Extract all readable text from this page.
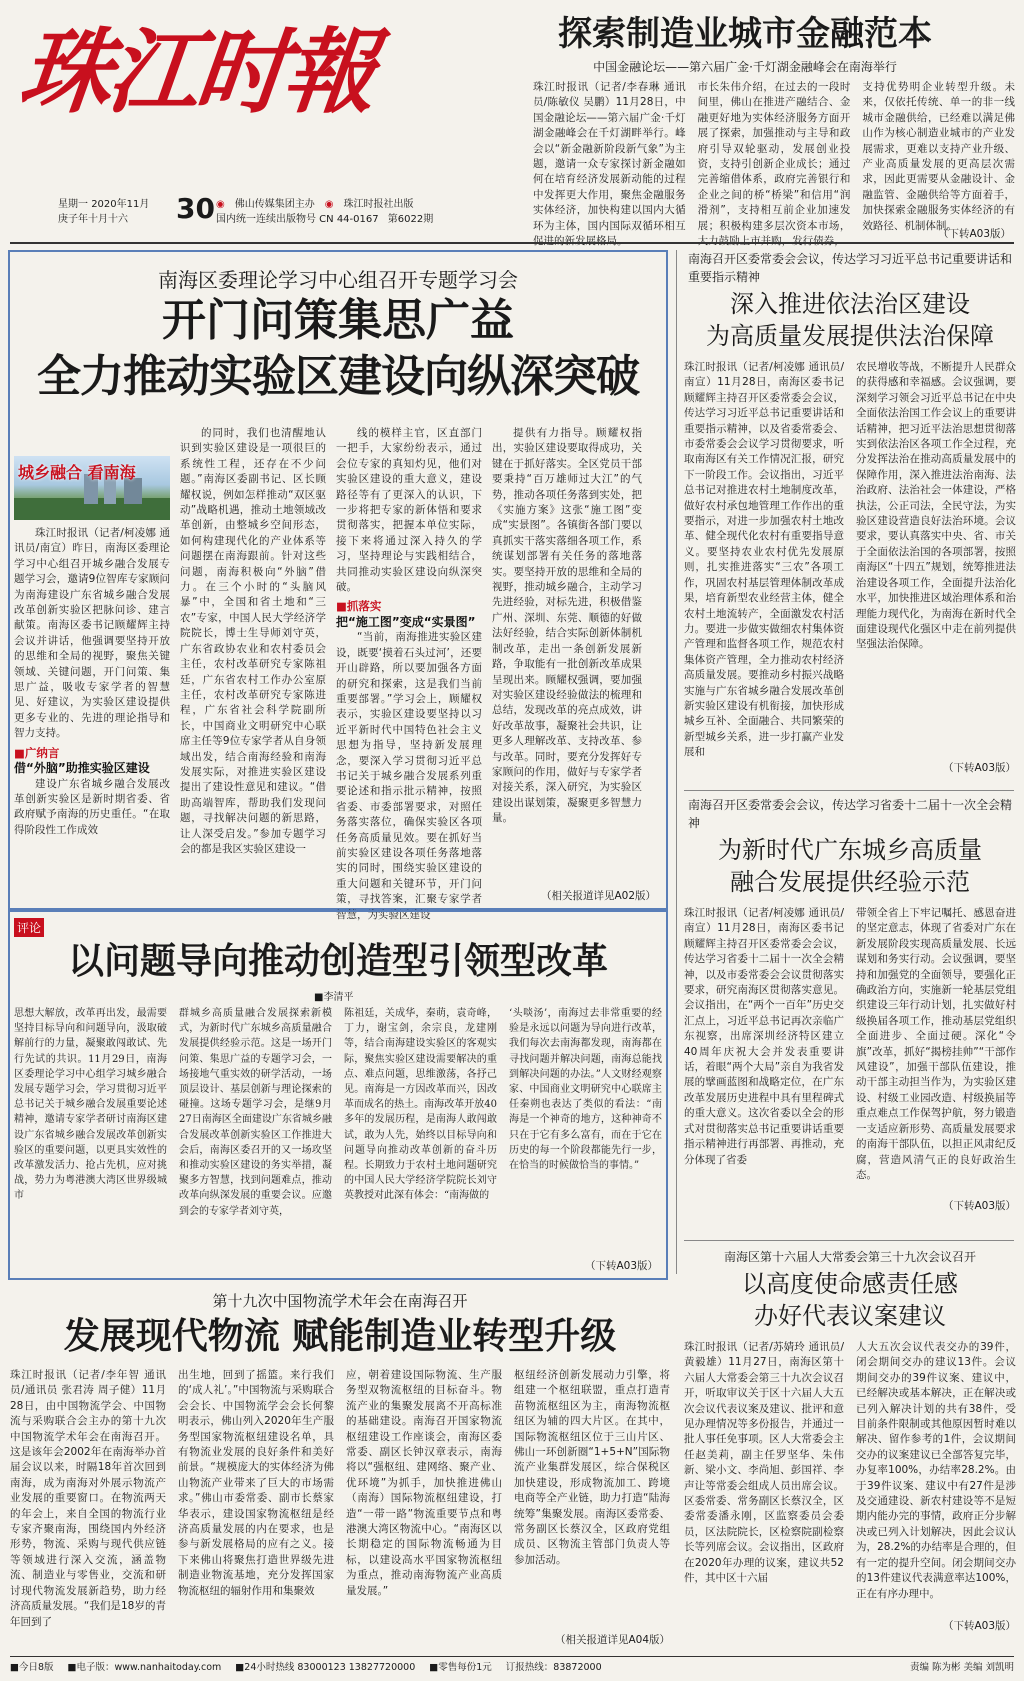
珠江时報
星期一 2020年11月
庚子年十月十六 30 ◉ 佛山传媒集团主办 ◉ 珠江时报社出版
国内统一连续出版物号 CN 44-0167 第6022期
探索制造业城市金融范本
中国金融论坛——第六届广金·千灯湖金融峰会在南海举行
珠江时报讯（记者/李春琳 通讯员/陈敏仪 吴鹏）11月28日，中国金融论坛——第六届广金·千灯湖金融峰会在千灯湖畔举行。峰会以“新金融新阶段新气象”为主题，邀请一众专家探讨新金融如何在培育经济发展新动能的过程中发挥更大作用，聚焦金融服务实体经济，加快构建以国内大循环为主体，国内国际双循环相互
市长朱伟介绍，在过去的一段时间里，佛山在推进产融结合、金融更好地为实体经济服务方面开展了探索，加强推动与主导和政府引导双轮驱动，发展创业投资，支持引创新企业成长；通过完善缩借体系，政府完善银行和企业之间的桥“桥梁”和信用“润滑剂”，支持相互前企业加速发展；积极构建多层次资本市场，
支持优势明企业转型升级。未来，仅依托传统、单一的非一线城市金融供给，已经难以满足佛山作为核心制造业城市的产业发展需求，更难以支持产业升级、产业高质量发展的更高层次需求，因此更需要从金融设计、金融监管、金融供给等方面着手，加快探索金融服务实体经济的有效路径、机制体制。
（下转A03版）
南海区委理论学习中心组召开专题学习会
开门问策集思广益
全力推动实验区建设向纵深突破
城乡融合 看南海

珠江时报讯（记者/柯凌娜 通讯员/南宣）昨日，南海区委理论学习中心组召开城乡融合发展专题学习会，邀请9位智库专家顾问为南海建设广东省城乡融合发展改革创新实验区把脉问诊、建言献策。南海区委书记顾耀辉主持会议并讲话，他强调要坚持开放的思维和全局的视野，聚焦关键领域、关键问题，开门问策、集思广益，吸收专家学者的智慧见、好建议，为实验区建设提供更多专业的、先进的理论指导和智力支持。

■广纳言
借“外脑”助推实验区建设

建设广东省城乡融合发展改革创新实验区是新时期省委、省政府赋予南海的历史重任。“在取得阶段性工作成效

的同时，我们也清醒地认识到实验区建设是一项很巨的系统性工程，还存在不少问题。”南海区委副书记、区长顾耀权说，例如怎样推动“双区驱动”战略机遇，推动土地领域改革创新，由整城乡空间形态，如何构建现代化的产业体系等问题摆在南海跟前。针对这些问题，南海积极向“外脑”借力。在三个小时的“头脑风暴”中，全国和省土地和“三农”专家，中国人民大学经济学院院长，博士生导师刘守英，广东省政协农业和农村委员会主任，农村改革研究专家陈祖廷，广东省农村工作办公室原主任，农村改革研究专家陈进程，广东省社会科学院副所长，中国商业文明研究中心联席主任等9位专家学者从自身领域出发，结合南海经验和南海发展实际，对推进实验区建设提出了建设性意见和建议。“借助高端智库，帮助我们发现问题，寻找解决问题的新思路，让人深受启发。”参加专题学习会的都是我区实验区建设一

线的模样主官，区直部门一把手，大家纷纷表示，通过会位专家的真知灼见，他们对实验区建设的重大意义，建设路径等有了更深入的认识，下一步将把专家的新体悟和要求贯彻落实，把握本单位实际，接下来将通过深入持久的学习，坚持理论与实践相结合，共同推动实验区建设向纵深突破。

■抓落实
把“施工图”变成“实景图”

“当前，南海推进实验区建设，既要‘摸着石头过河’，还要开山辟路，所以要加强各方面的研究和探索，这是我们当前重要部署。”学习会上，顾耀权表示，实验区建设要坚持以习近平新时代中国特色社会主义思想为指导，坚持新发展理念，要深入学习贯彻习近平总书记关于城乡融合发展系列重要论述和指示批示精神，按照省委、市委部署要求，对照任务落实落位，确保实验区各项任务高质量见效。要在抓好当前实验区建设各项任务落地落实的同时，围绕实验区建设的重大问题和关键环节，开门问策，寻找答案，汇聚专家学者智慧，为实验区建设

提供有力指导。顾耀权指出，实验区建设要取得成功，关键在于抓好落实。全区党员干部要秉持“百万雄师过大江”的气势，推动各项任务落到实处，把《实施方案》这张“施工图”变成“实景图”。各镇街各部门要以真抓实干落实落细各项工作，系统谋划部署有关任务的落地落实。要坚持开放的思维和全局的视野，推动城乡融合，主动学习先进经验，对标先进，积极借鉴广州、深圳、东莞、顺德的好做法好经验，结合实际创新体制机制改革，走出一条创新发展新路，争取能有一批创新改革成果呈现出来。顾耀权强调，要加强对实验区建设经验做法的梳理和总结，发现改革的亮点成效，讲好改革故事，凝聚社会共识，让更多人理解改革、支持改革、参与改革。同时，要充分发挥好专家顾问的作用，做好与专家学者对接关系，深入研究，为实验区建设出谋划策，凝聚更多智慧力量。

（相关报道详见A02版）
评论
以问题导向推动创造型引领型改革
■李清平
思想大解放，改革再出发，最需要坚持目标导向和问题导向，汲取破解前行的力量，凝聚敢闯敢试、先行先试的共识。11月29日，南海区委理论学习中心组学习城乡融合发展专题学习会，学习贯彻习近平总书记关于城乡融合发展重要论述精神，邀请专家学者研讨南海区建设广东省城乡融合发展改革创新实验区的重要问题，以更具实效性的改革激发活力、抢占先机，应对挑战，势力为粤港澳大湾区世界级城市
群城乡高质量融合发展探索新模式，为新时代广东城乡高质量融合发展提供经验示范。这是一场开门问策、集思广益的专题学习会，一场接地气重实效的研学活动，一场顶层设计、基层创新与理论探索的碰撞。这场专题学习会，是继9月27日南海区全面建设广东省城乡融合发展改革创新实验区工作推进大会后，南海区委召开的又一场攻坚和推动实验区建设的务实举措，凝聚多方智慧，找到问题难点，推动改革向纵深发展的重要会议。应邀到会的专家学者刘守英，
陈祖廷，关成华，秦萌，袁奇峰，丁力，谢宝剑，余宗良，龙建刚等，结合南海建设实验区的客观实际，聚焦实验区建设需要解决的重点、难点问题，思维激荡，各抒己见。南海是一方因改革而兴，因改革而成名的热土。南海改革开放40多年的发展历程，是南海人敢闯敢试，敢为人先，始终以目标导向和问题导向推动改革创新的奋斗历程。长期致力于农村土地问题研究的中国人民大学经济学院院长刘守英教授对此深有体会：“南海做的
‘头啖汤’，南海过去非常重要的经验是永远以问题为导向进行改革，我们每次去南海都发现，南海都在寻找问题并解决问题，南海总能找到解决问题的办法。”人文财经观察家、中国商业文明研究中心联席主任秦朔也表达了类似的看法：“南海是一个神奇的地方，这种神奇不只在于它有多么富有，而在于它在历史的每一个阶段都能先行一步，在恰当的时候做恰当的事情。”
（下转A03版）
南海召开区委常委会会议，传达学习习近平总书记重要讲话和重要指示精神
深入推进依法治区建设
为高质量发展提供法治保障
珠江时报讯（记者/柯凌娜 通讯员/南宣）11月28日，南海区委书记顾耀辉主持召开区委常委会会议，传达学习习近平总书记重要讲话和重要指示精神，以及省委常委会、市委常委会会议学习贯彻要求，听取南海区有关工作情况汇报，研究下一阶段工作。会议指出，习近平总书记对推进农村土地制度改革，做好农村承包地管理工作作出的重要指示，对进一步加强农村土地改革、健全现代化农村有重要指导意义。要坚持农业农村优先发展原则，扎实推进落实“三农”各项工作，巩固农村基层管理体制改革成果，培育新型农业经营主体，健全农村土地流转产，全面激发农村活力。要进一步做实做细农村集体资产管理和监督各项工作，规范农村集体资产管理，全力推动农村经济高质量发展。要推动乡村振兴战略实施与广东省城乡融合发展改革创新实验区建设有机衔接，加快形成城乡互补、全面融合、共同繁荣的新型城乡关系，进一步打赢产业发展和
农民增收等战，不断提升人民群众的获得感和幸福感。会议强调，要深刻学习领会习近平总书记在中央全面依法治国工作会议上的重要讲话精神，把习近平法治思想贯彻落实到依法治区各项工作全过程，充分发挥法治在推动高质量发展中的保障作用，深入推进法治南海、法治政府、法治社会一体建设，严格执法，公正司法，全民守法，为实验区建设营造良好法治环境。会议要求，要认真落实中央、省、市关于全面依法治国的各项部署，按照南海区“十四五”规划，统筹推进法治建设各项工作，全面提升法治化水平，加快推进区域治理体系和治理能力现代化，为南海在新时代全面建设现代化强区中走在前列提供坚强法治保障。
（下转A03版）
南海召开区委常委会会议，传达学习省委十二届十一次全会精神
为新时代广东城乡高质量
融合发展提供经验示范
珠江时报讯（记者/柯凌娜 通讯员/南宣）11月28日，南海区委书记顾耀辉主持召开区委常委会会议，传达学习省委十二届十一次全会精神，以及市委常委会会议贯彻落实要求，研究南海区贯彻落实意见。会议指出，在“两个一百年”历史交汇点上，习近平总书记再次亲临广东视察，出席深圳经济特区建立40周年庆祝大会并发表重要讲话，着眼“两个大局”亲自为我省发展的擘画蓝图和战略定位，在广东改革发展历史进程中具有里程碑式的重大意义。这次省委以全会的形式对贯彻落实总书记重要讲话重要指示精神进行再部署、再推动，充分体现了省委
带领全省上下牢记嘱托、感恩奋进的坚定意志，体现了省委对广东在新发展阶段实现高质量发展、长远谋划和务实行动。会议强调，要坚持和加强党的全面领导，要强化正确政治方向，实施新一轮基层党组织建设三年行动计划，扎实做好村级换届各项工作，推动基层党组织全面进步、全面过硬。深化“令旗”改革，抓好“揭榜挂帅”“干部作风建设”，加强干部队伍建设，推动干部主动担当作为，为实验区建设、村级工业园改造、村级换届等重点难点工作保驾护航，努力锻造一支适应新形势、高质量发展要求的南海干部队伍，以担正风肃纪反腐，营造风清气正的良好政治生态。
（下转A03版）
南海区第十六届人大常委会第三十九次会议召开
以高度使命感责任感
办好代表议案建议
珠江时报讯（记者/苏婧玲 通讯员/黄毅雄）11月27日，南海区第十六届人大常委会第三十九次会议召开，听取审议关于区十六届人大五次会议代表议案及建议、批评和意见办理情况等多份报告，并通过一批人事任免事项。区人大常委会主任赵美莉，副主任罗坚华、朱伟新、梁小文、李尚旭、彭国祥、李声让等常委会组成人员出席会议。区委常委、常务副区长蔡汉全，区委常委潘永刚，区监察委员会委员，区法院院长，区检察院副检察长等列席会议。会议指出，区政府在2020年办理的议案，建议共52件，其中区十六届
人大五次会议代表交办的39件，闭会期间交办的建议13件。会议期间交办的39件议案、建议中，已经解决或基本解决，正在解决或已列入解决计划的共有38件，受目前条件限制或其他原因暂时难以解决、留作参考的1件，会议期间交办的议案建议已全部答复完毕，办复率100%，办结率28.2%。由于39件议案、建议中有27件是涉及交通建设、新农村建设等不是短期内能办完的事情，政府正分步解决或已列入计划解决，因此会议认为，28.2%的办结率是合理的，但有一定的提升空间。闭会期间交办的13件建议代表满意率达100%，正在有序办理中。
（下转A03版）
第十九次中国物流学术年会在南海召开
发展现代物流 赋能制造业转型升级
珠江时报讯（记者/李年智 通讯员/通讯员 张君涛 周子健）11月28日，由中国物流学会、中国物流与采购联合会主办的第十九次中国物流学术年会在南海召开。这是该年会2002年在南海举办首届会议以来，时隔18年首次回到南海，成为南海对外展示物流产业发展的重要窗口。在物流两天的年会上，来自全国的物流行业专家齐聚南海，围绕国内外经济形势，物流、采购与现代供应链等领域进行深入交流，涵盖物流、制造业与零售业，交流和研讨现代物流发展新趋势，助力经济高质量发展。“我们是18岁的青年回到了
出生地，回到了摇篮。来行我们的‘成人礼’。”中国物流与采购联合会会长、中国物流学会会长何黎明表示，佛山列入2020年生产服务型国家物流枢纽建设名单，具有物流业发展的良好条件和美好前景。“规模庞大的实体经济为佛山物流产业带来了巨大的市场需求。”佛山市委常委、副市长蔡家华表示，建设国家物流枢纽是经济高质量发展的内在要求，也是参与新发展格局的应有之义。接下来佛山将聚焦打造世界级先进制造业物流基地，充分发挥国家物流枢纽的辐射作用和集聚效
应，朝着建设国际物流、生产服务型双物流枢纽的目标奋斗。物流产业的集聚发展离不开高标准的基础建设。南海召开国家物流枢纽建设工作座谈会，南海区委常委、副区长钟汉章表示，南海将以“强枢纽、建网络、聚产业、优环境”为抓手，加快推进佛山（南海）国际物流枢纽建设，打造“一带一路”物流重要节点和粤港澳大湾区物流中心。“南海区以长期稳定的国际物流畅通为目标，以建设高水平国家物流枢纽为重点，推动南海物流产业高质量发展。”
枢纽经济创新发展动力引擎，将组建一个枢纽联盟，重点打造青苗物流枢纽区为主，南海物流枢纽区为辅的四大片区。在其中，国际物流枢纽区位于三山片区、佛山一环创新圈“1+5+N”国际物流产业集群发展区，综合保税区加快建设，形成物流加工、跨境电商等全产业链，助力打造“陆海统筹”集聚发展。南海区委常委、常务副区长蔡汉全，区政府党组成员、区物流主管部门负责人等参加活动。
（相关报道详见A04版）
■今日8版 ■电子版：www.nanhaitoday.com ■24小时热线 83000123 13827720000 ■零售每份1元 订报热线：83872000	责编 陈为彬 美编 刘凯明
